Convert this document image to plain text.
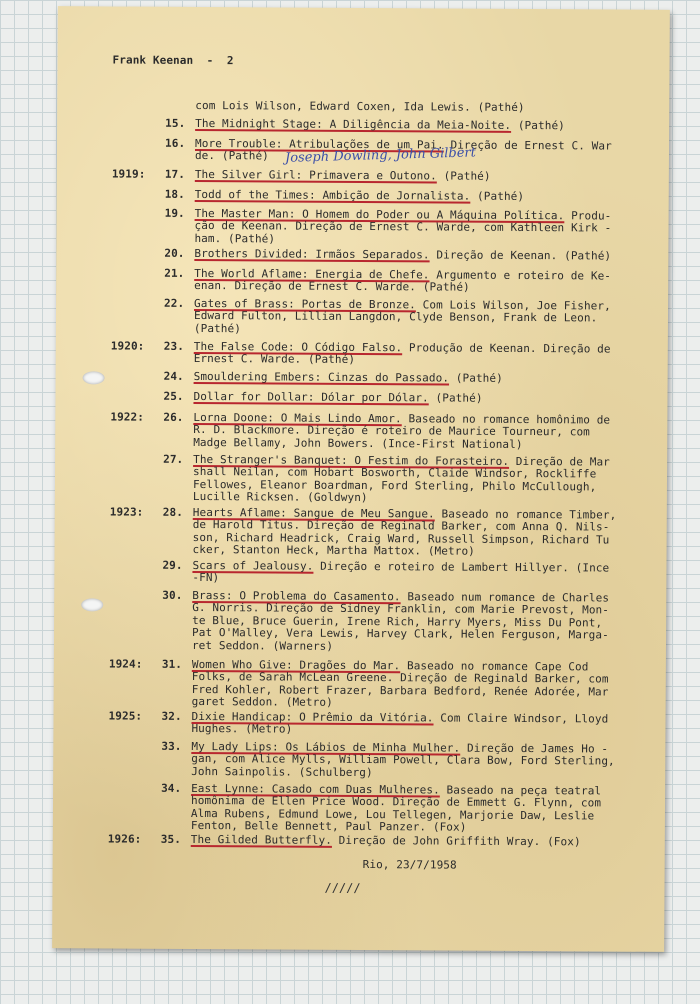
Frank Keenan  -  2

com Lois Wilson, Edward Coxen, Ida Lewis. (Pathé)

15. The Midnight Stage: A Diligência da Meia-Noite. (Pathé)

16. More Trouble: Atribulações de um Pai. Direção de Ernest C. War

de. (Pathé)

1919: 17. The Silver Girl: Primavera e Outono. (Pathé)

18. Todd of the Times: Ambição de Jornalista. (Pathé)

19. The Master Man: O Homem do Poder ou A Máquina Política. Produ-

ção de Keenan. Direção de Ernest C. Warde, com Kathleen Kirk -

ham. (Pathé)

20. Brothers Divided: Irmãos Separados. Direção de Keenan. (Pathé)

21. The World Aflame: Energia de Chefe. Argumento e roteiro de Ke-

enan. Direção de Ernest C. Warde. (Pathé)

22. Gates of Brass: Portas de Bronze. Com Lois Wilson, Joe Fisher,

Edward Fulton, Lillian Langdon, Clyde Benson, Frank de Leon.

(Pathé)

1920: 23. The False Code: O Código Falso. Produção de Keenan. Direção de

Ernest C. Warde. (Pathé)

24. Smouldering Embers: Cinzas do Passado. (Pathé)

25. Dollar for Dollar: Dólar por Dólar. (Pathé)

1922: 26. Lorna Doone: O Mais Lindo Amor. Baseado no romance homônimo de

R. D. Blackmore. Direção é roteiro de Maurice Tourneur, com

Madge Bellamy, John Bowers. (Ince-First National)

27. The Stranger's Banquet: O Festim do Forasteiro. Direção de Mar

shall Neilan, com Hobart Bosworth, Claide Windsor, Rockliffe

Fellowes, Eleanor Boardman, Ford Sterling, Philo McCullough,

Lucille Ricksen. (Goldwyn)

1923: 28. Hearts Aflame: Sangue de Meu Sangue. Baseado no romance Timber,

de Harold Titus. Direção de Reginald Barker, com Anna Q. Nils-

son, Richard Headrick, Craig Ward, Russell Simpson, Richard Tu

cker, Stanton Heck, Martha Mattox. (Metro)

29. Scars of Jealousy. Direção e roteiro de Lambert Hillyer. (Ince

-FN)

30. Brass: O Problema do Casamento. Baseado num romance de Charles

G. Norris. Direção de Sidney Franklin, com Marie Prevost, Mon-

te Blue, Bruce Guerin, Irene Rich, Harry Myers, Miss Du Pont,

Pat O'Malley, Vera Lewis, Harvey Clark, Helen Ferguson, Marga-

ret Seddon. (Warners)

1924: 31. Women Who Give: Dragões do Mar. Baseado no romance Cape Cod

Folks, de Sarah McLean Greene. Direção de Reginald Barker, com

Fred Kohler, Robert Frazer, Barbara Bedford, Renée Adorée, Mar

garet Seddon. (Metro)

1925: 32. Dixie Handicap: O Prêmio da Vitória. Com Claire Windsor, Lloyd

Hughes. (Metro)

33. My Lady Lips: Os Lábios de Minha Mulher. Direção de James Ho -

gan, com Alice Mylls, William Powell, Clara Bow, Ford Sterling,

John Sainpolis. (Schulberg)

34. East Lynne: Casado com Duas Mulheres. Baseado na peça teatral

homônima de Ellen Price Wood. Direção de Emmett G. Flynn, com

Alma Rubens, Edmund Lowe, Lou Tellegen, Marjorie Daw, Leslie

Fenton, Belle Bennett, Paul Panzer. (Fox)

1926: 35. The Gilded Butterfly. Direção de John Griffith Wray. (Fox)

Joseph Dowling, John Gilbert

Rio, 23/7/1958

/////
